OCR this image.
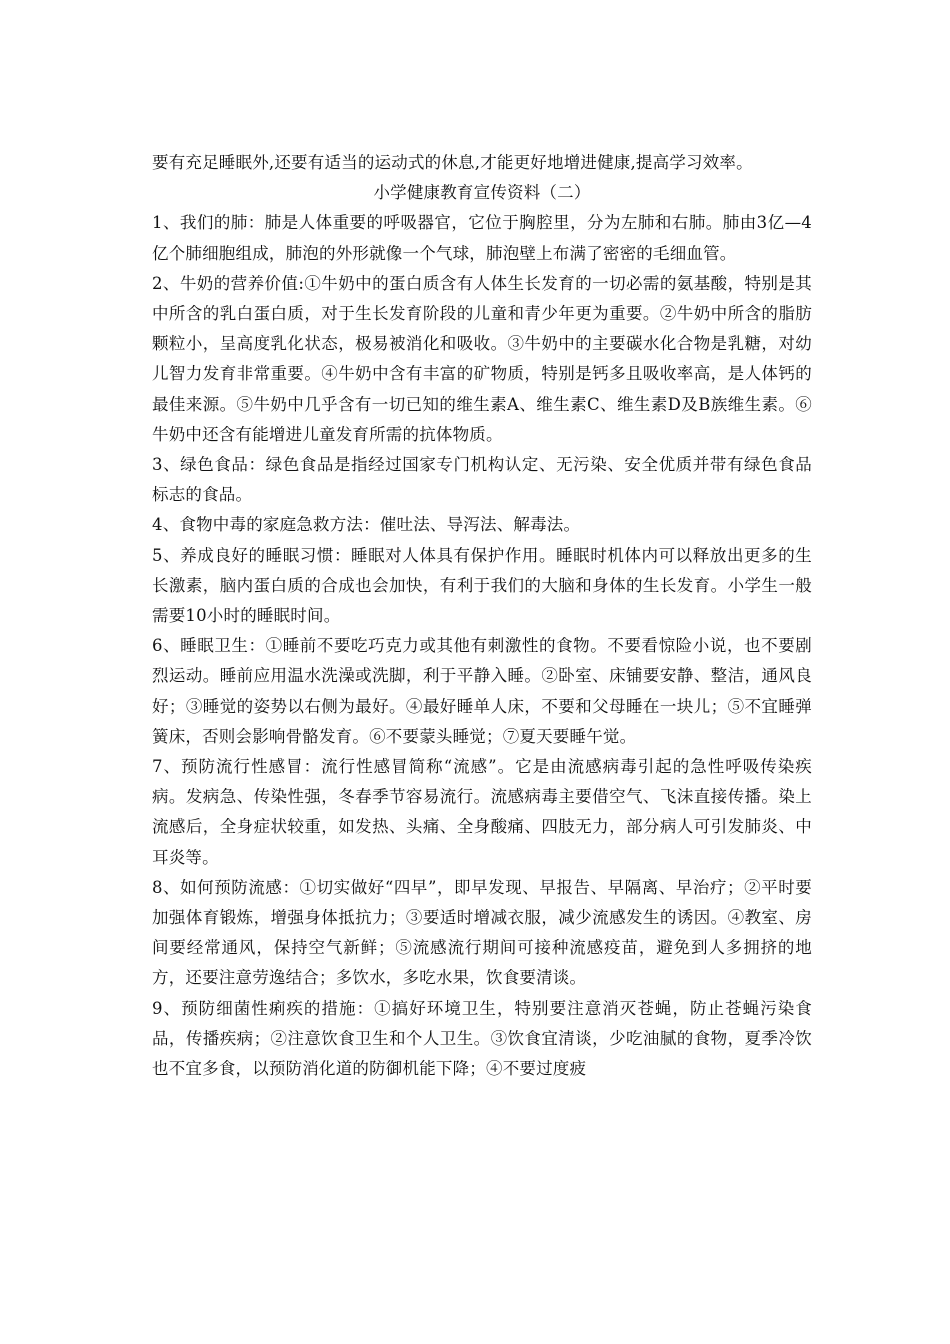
要有充足睡眠外,还要有适当的运动式的休息,才能更好地增进健康,提高学习效率。

小学健康教育宣传资料（二）

1、我们的肺：肺是人体重要的呼吸器官，它位于胸腔里，分为左肺和右肺。肺由3亿—4亿个肺细胞组成，肺泡的外形就像一个气球，肺泡壁上布满了密密的毛细血管。

2、牛奶的营养价值:①牛奶中的蛋白质含有人体生长发育的一切必需的氨基酸，特别是其中所含的乳白蛋白质，对于生长发育阶段的儿童和青少年更为重要。②牛奶中所含的脂肪颗粒小，呈高度乳化状态，极易被消化和吸收。③牛奶中的主要碳水化合物是乳糖，对幼儿智力发育非常重要。④牛奶中含有丰富的矿物质，特别是钙多且吸收率高，是人体钙的最佳来源。⑤牛奶中几乎含有一切已知的维生素A、维生素C、维生素D及B族维生素。⑥牛奶中还含有能增进儿童发育所需的抗体物质。

3、绿色食品：绿色食品是指经过国家专门机构认定、无污染、安全优质并带有绿色食品标志的食品。

4、食物中毒的家庭急救方法：催吐法、导泻法、解毒法。

5、养成良好的睡眠习惯：睡眠对人体具有保护作用。睡眠时机体内可以释放出更多的生长激素，脑内蛋白质的合成也会加快，有利于我们的大脑和身体的生长发育。小学生一般需要10小时的睡眠时间。

6、睡眠卫生：①睡前不要吃巧克力或其他有刺激性的食物。不要看惊险小说，也不要剧烈运动。睡前应用温水洗澡或洗脚，利于平静入睡。②卧室、床铺要安静、整洁，通风良好；③睡觉的姿势以右侧为最好。④最好睡单人床，不要和父母睡在一块儿；⑤不宜睡弹簧床，否则会影响骨骼发育。⑥不要蒙头睡觉；⑦夏天要睡午觉。

7、预防流行性感冒：流行性感冒简称“流感”。它是由流感病毒引起的急性呼吸传染疾病。发病急、传染性强，冬春季节容易流行。流感病毒主要借空气、飞沫直接传播。染上流感后，全身症状较重，如发热、头痛、全身酸痛、四肢无力，部分病人可引发肺炎、中耳炎等。

8、如何预防流感：①切实做好“四早”，即早发现、早报告、早隔离、早治疗；②平时要加强体育锻炼，增强身体抵抗力；③要适时增减衣服，减少流感发生的诱因。④教室、房间要经常通风，保持空气新鲜；⑤流感流行期间可接种流感疫苗，避免到人多拥挤的地方，还要注意劳逸结合；多饮水，多吃水果，饮食要清谈。

9、预防细菌性痢疾的措施：①搞好环境卫生，特别要注意消灭苍蝇，防止苍蝇污染食品，传播疾病；②注意饮食卫生和个人卫生。③饮食宜清谈，少吃油腻的食物，夏季冷饮也不宜多食，以预防消化道的防御机能下降；④不要过度疲
